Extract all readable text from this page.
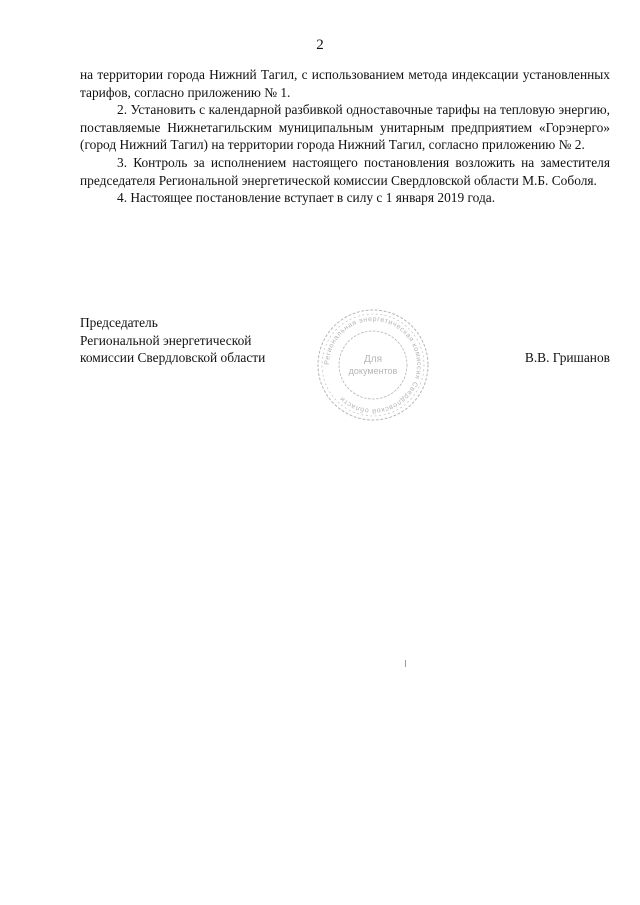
2

на территории города Нижний Тагил, с использованием метода индексации установленных тарифов, согласно приложению № 1.

2. Установить с календарной разбивкой одноставочные тарифы на тепловую энергию, поставляемые Нижнетагильским муниципальным унитарным предприятием «Горэнерго» (город Нижний Тагил) на территории города Нижний Тагил, согласно приложению № 2.

3. Контроль за исполнением настоящего постановления возложить на заместителя председателя Региональной энергетической комиссии Свердловской области М.Б. Соболя.

4. Настоящее постановление вступает в силу с 1 января 2019 года.

Председатель
Региональной энергетической
комиссии Свердловской области	В.В. Гришанов
Региональная энергетическая комиссия Свердловской области
Для
документов
